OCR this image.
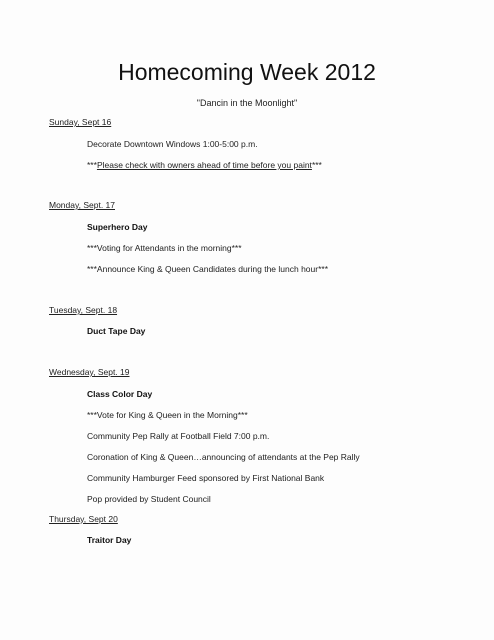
Homecoming Week 2012
"Dancin in the Moonlight"
Sunday, Sept 16
Decorate Downtown Windows 1:00-5:00 p.m.
***Please check with owners ahead of time before you paint***
Monday, Sept. 17
Superhero Day
***Voting for Attendants in the morning***
***Announce King & Queen Candidates during the lunch hour***
Tuesday, Sept. 18
Duct Tape Day
Wednesday, Sept. 19
Class Color Day
***Vote for King & Queen in the Morning***
Community Pep Rally at Football Field 7:00 p.m.
Coronation of King & Queen…announcing of attendants at the Pep Rally
Community Hamburger Feed sponsored by First National Bank
Pop provided by Student Council
Thursday, Sept 20
Traitor Day
